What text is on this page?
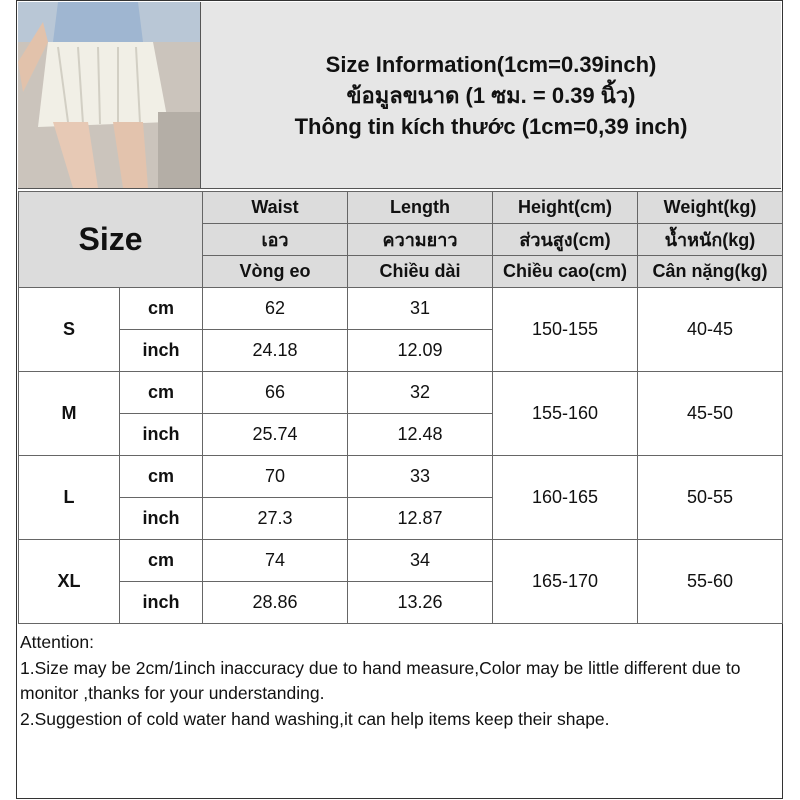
Size Information(1cm=0.39inch)
ข้อมูลขนาด (1 ซม. = 0.39 นิ้ว)
Thông tin kích thước (1cm=0,39 inch)
Size		Waist	Length	Height(cm)	Weight(kg)
		เอว	ความยาว	ส่วนสูง(cm)	น้ำหนัก(kg)
		Vòng eo	Chiều dài	Chiều cao(cm)	Cân nặng(kg)
S	cm	62	31	150-155	40-45
	inch	24.18	12.09		
M	cm	66	32	155-160	45-50
	inch	25.74	12.48		
L	cm	70	33	160-165	50-55
	inch	27.3	12.87		
XL	cm	74	34	165-170	55-60
	inch	28.86	13.26		
Attention:
1.Size may be 2cm/1inch inaccuracy due to hand measure,Color may be little different due to monitor ,thanks for your understanding.
2.Suggestion of cold water hand washing,it can help items keep their shape.
